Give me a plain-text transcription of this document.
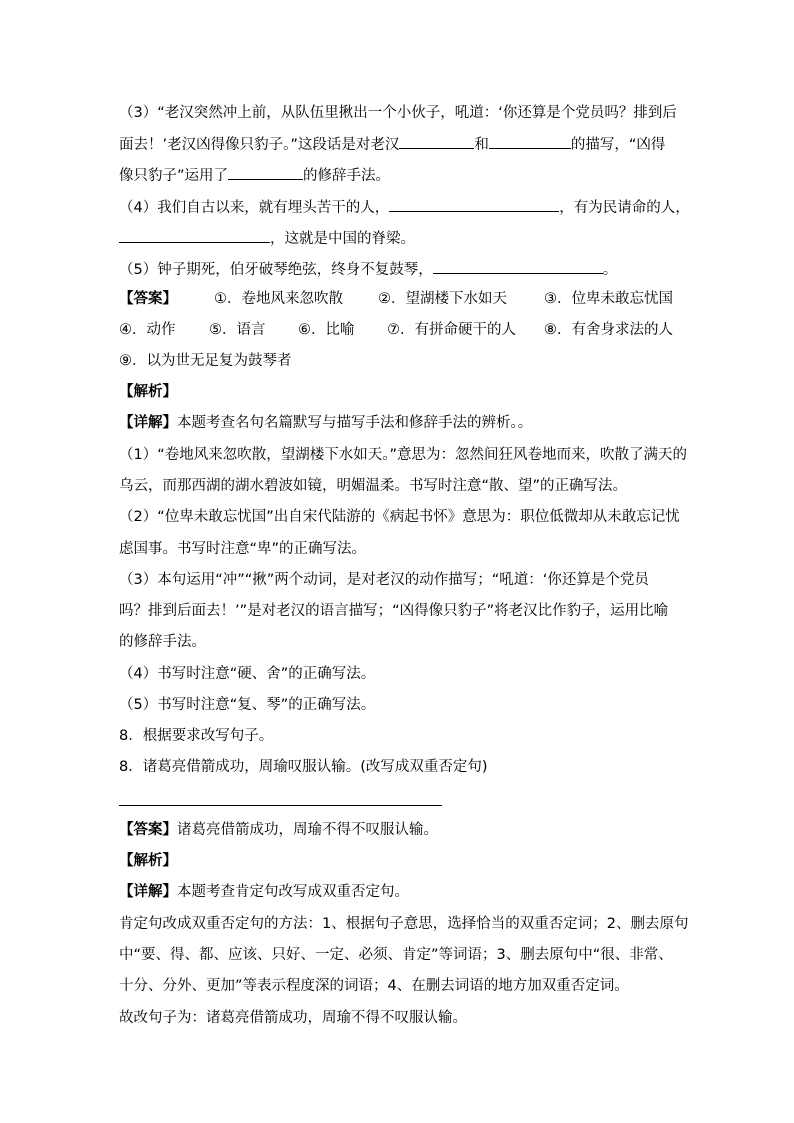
（3）“老汉突然冲上前，从队伍里揪出一个小伙子，吼道：‘你还算是个党员吗？排到后
面去！’老汉凶得像只豹子。”这段话是对老汉	和	的描写，“凶得
像只豹子”运用了	的修辞手法。
（4）我们自古以来，就有埋头苦干的人，	，有为民请命的人，
，这就是中国的脊梁。
（5）钟子期死，伯牙破琴绝弦，终身不复鼓琴，	。
【答案】	①．卷地风来忽吹散 ②．望湖楼下水如天	③．位卑未敢忘忧国
④．动作 ⑤．语言 ⑥．比喻 ⑦．有拼命硬干的人 ⑧．有舍身求法的人
⑨．以为世无足复为鼓琴者
【解析】
【详解】本题考查名句名篇默写与描写手法和修辞手法的辨析。。
（1）“卷地风来忽吹散，望湖楼下水如天。”意思为：忽然间狂风卷地而来，吹散了满天的
乌云，而那西湖的湖水碧波如镜，明媚温柔。书写时注意“散、望”的正确写法。
（2）“位卑未敢忘忧国”出自宋代陆游的《病起书怀》意思为：职位低微却从未敢忘记忧
虑国事。书写时注意“卑”的正确写法。
（3）本句运用“冲”“揪”两个动词，是对老汉的动作描写；“吼道：‘你还算是个党员
吗？排到后面去！’”是对老汉的语言描写；“凶得像只豹子”将老汉比作豹子，运用比喻
的修辞手法。
（4）书写时注意“硬、舍”的正确写法。
（5）书写时注意“复、琴”的正确写法。
8．根据要求改写句子。
8．诸葛亮借箭成功，周瑜叹服认输。(改写成双重否定句)
【答案】诸葛亮借箭成功，周瑜不得不叹服认输。
【解析】
【详解】本题考查肯定句改写成双重否定句。
肯定句改成双重否定句的方法：1、根据句子意思，选择恰当的双重否定词；2、删去原句
中“要、得、都、应该、只好、一定、必须、肯定”等词语；3、删去原句中“很、非常、
十分、分外、更加”等表示程度深的词语；4、在删去词语的地方加双重否定词。
故改句子为：诸葛亮借箭成功，周瑜不得不叹服认输。
